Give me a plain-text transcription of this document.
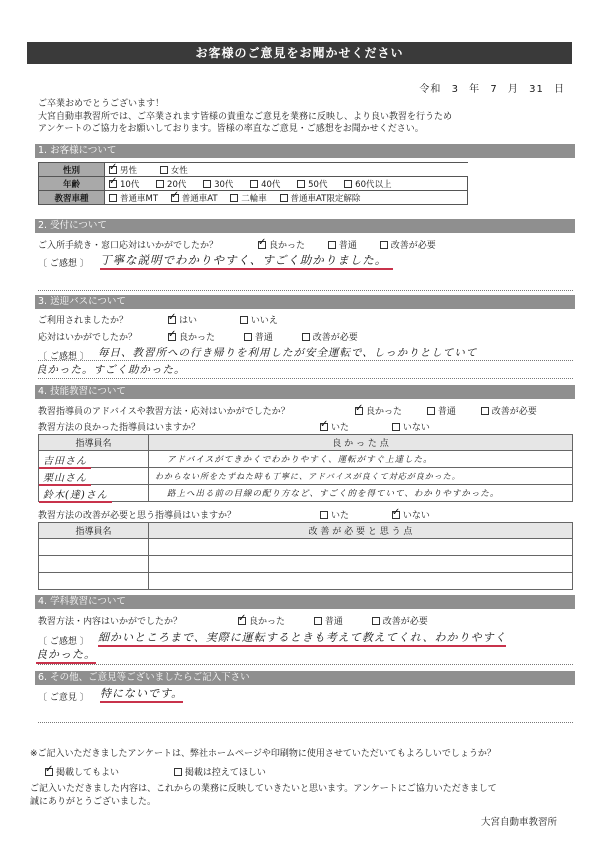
お客様のご意見をお聞かせください
令和 3 年 7 月 31 日
ご卒業おめでとうございます！
大宮自動車教習所では、ご卒業されます皆様の貴重なご意見を業務に反映し、より良い教習を行うため
アンケートのご協力をお願いしております。皆様の率直なご意見・ご感想をお聞かせください。
1. お客様について
性別	✓男性 女性
年齢	✓10代 20代 30代 40代 50代 60代以上
教習車種	普通車MT ✓ 普通車AT 二輪車 普通車AT限定解除
2. 受付について
ご入所手続き・窓口応対はいかがでしたか？ ✓	良かった	普通	改善が必要
〔 ご感想 〕 丁寧な説明でわかりやすく、すごく助かりました。
3. 送迎バスについて
ご利用されましたか？ ✓	はい	いいえ
応対はいかがでしたか？ ✓	良かった	普通	改善が必要
〔 ご感想 〕 毎日、教習所への行き帰りを利用したが安全運転で、しっかりとしていて
良かった。すごく助かった。
4. 技能教習について
教習指導員のアドバイスや教習方法・応対はいかがでしたか？ ✓	良かった	普通	改善が必要
教習方法の良かった指導員はいますか？ ✓	いた	いない
指導員名	良 か っ た 点
吉田さん	アドバイスがてきかくでわかりやすく、運転がすぐ上達した。
栗山さん	わからない所をたずねた時も丁寧に、アドバイスが良くて対応が良かった。
鈴木(達)さん	路上へ出る前の目線の配り方など、すごく的を得ていて、わかりやすかった。
教習方法の改善が必要と思う指導員はいますか？	いた ✓	いない
指導員名	改 善 が 必 要 と 思 う 点

4. 学科教習について
教習方法・内容はいかがでしたか？ ✓	良かった	普通	改善が必要
〔 ご感想 〕 細かいところまで、実際に運転するときも考えて教えてくれ、わかりやすく
良かった。
6. その他、ご意見等ございましたらご記入下さい
〔 ご意見 〕 特にないです。
※ご記入いただきましたアンケートは、弊社ホームページや印刷物に使用させていただいてもよろしいでしょうか？
✓掲載してもよい	掲載は控えてほしい
ご記入いただきました内容は、これからの業務に反映していきたいと思います。アンケートにご協力いただきまして
誠にありがとうございました。
大宮自動車教習所
